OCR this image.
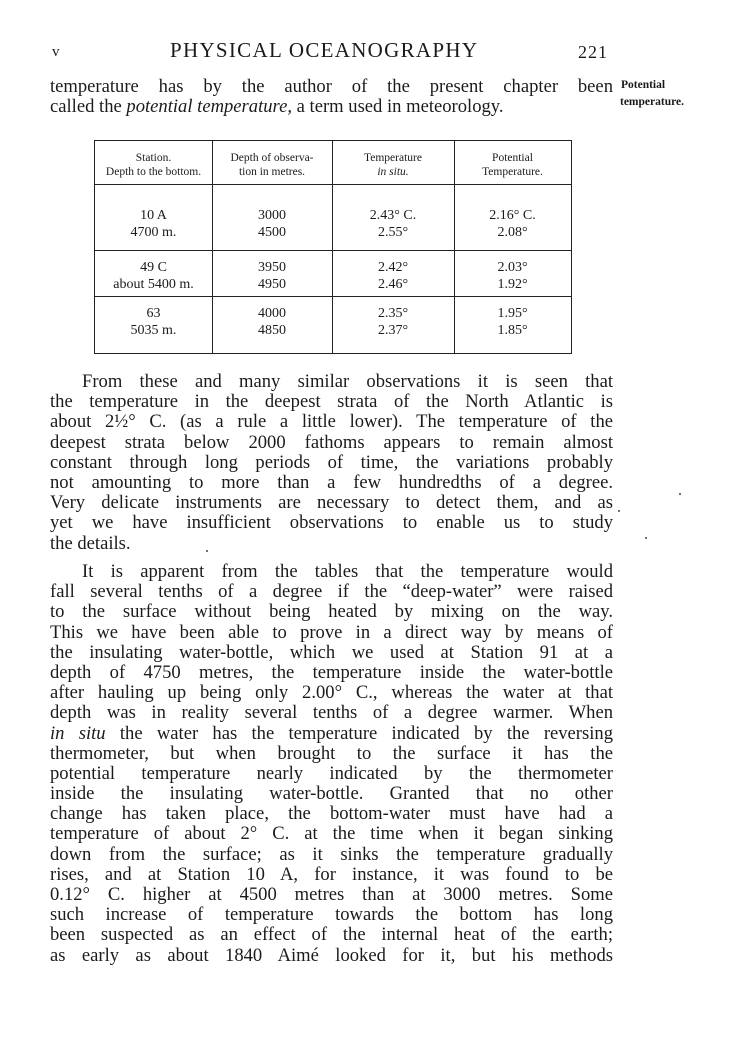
v	PHYSICAL OCEANOGRAPHY	221
Potential
temperature.
temperature has by the author of the present chapter been
called the potential temperature, a term used in meteorology.
Station.
Depth to the bottom.
Depth of observa-
tion in metres.
Temperature
in situ.
Potential
Temperature.
10 A
4700 m.
3000
4500
2.43° C.
2.55°
2.16° C.
2.08°
49 C
about 5400 m.
3950
4950
2.42°
2.46°
2.03°
1.92°
63
5035 m.
4000
4850
2.35°
2.37°
1.95°
1.85°
From these and many similar observations it is seen that
the temperature in the deepest strata of the North Atlantic is
about 2½° C. (as a rule a little lower). The temperature of the
deepest strata below 2000 fathoms appears to remain almost
constant through long periods of time, the variations probably
not amounting to more than a few hundredths of a degree.
Very delicate instruments are necessary to detect them, and as
yet we have insufficient observations to enable us to study
the details.
It is apparent from the tables that the temperature would
fall several tenths of a degree if the “deep-water” were raised
to the surface without being heated by mixing on the way.
This we have been able to prove in a direct way by means of
the insulating water-bottle, which we used at Station 91 at a
depth of 4750 metres, the temperature inside the water-bottle
after hauling up being only 2.00° C., whereas the water at that
depth was in reality several tenths of a degree warmer. When
in situ the water has the temperature indicated by the reversing
thermometer, but when brought to the surface it has the
potential temperature nearly indicated by the thermometer
inside the insulating water-bottle. Granted that no other
change has taken place, the bottom-water must have had a
temperature of about 2° C. at the time when it began sinking
down from the surface; as it sinks the temperature gradually
rises, and at Station 10 A, for instance, it was found to be
0.12° C. higher at 4500 metres than at 3000 metres. Some
such increase of temperature towards the bottom has long
been suspected as an effect of the internal heat of the earth;
as early as about 1840 Aimé looked for it, but his methods
